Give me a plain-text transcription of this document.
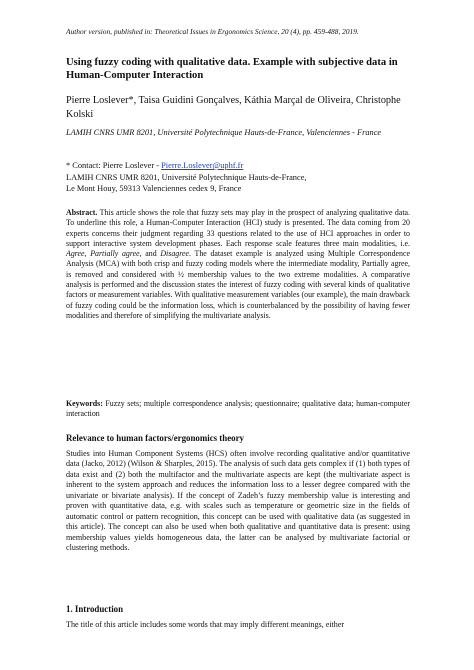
Author version, published in: Theoretical Issues in Ergonomics Science, 20 (4), pp. 459-488, 2019.
Using fuzzy coding with qualitative data. Example with subjective data in Human-Computer Interaction

Pierre Loslever*, Taisa Guidini Gonçalves, Káthia Marçal de Oliveira, Christophe Kolski

LAMIH CNRS UMR 8201, Université Polytechnique Hauts-de-France, Valenciennes - France

* Contact: Pierre Loslever - Pierre.Loslever@uphf.fr
LAMIH CNRS UMR 8201, Université Polytechnique Hauts-de-France,
Le Mont Houy, 59313 Valenciennes cedex 9, France

Abstract. This article shows the role that fuzzy sets may play in the prospect of analyzing qualitative data. To underline this role, a Human-Computer Interaction (HCI) study is presented. The data coming from 20 experts concerns their judgment regarding 33 questions related to the use of HCI approaches in order to support interactive system development phases. Each response scale features three main modalities, i.e. Agree, Partially agree, and Disagree. The dataset example is analyzed using Multiple Correspondence Analysis (MCA) with both crisp and fuzzy coding models where the intermediate modality, Partially agree, is removed and considered with ½ membership values to the two extreme modalities. A comparative analysis is performed and the discussion states the interest of fuzzy coding with several kinds of qualitative factors or measurement variables. With qualitative measurement variables (our example), the main drawback of fuzzy coding could be the information loss, which is counterbalanced by the possibility of having fewer modalities and therefore of simplifying the multivariate analysis.

Keywords: Fuzzy sets; multiple correspondence analysis; questionnaire; qualitative data; human-computer interaction

Relevance to human factors/ergonomics theory

Studies into Human Component Systems (HCS) often involve recording qualitative and/or quantitative data (Jacko, 2012) (Wilson & Sharples, 2015). The analysis of such data gets complex if (1) both types of data exist and (2) both the multifactor and the multivariate aspects are kept (the multivariate aspect is inherent to the system approach and reduces the information loss to a lesser degree compared with the univariate or bivariate analysis). If the concept of Zadeh’s fuzzy membership value is interesting and proven with quantitative data, e.g. with scales such as temperature or geometric size in the fields of automatic control or pattern recognition, this concept can be used with qualitative data (as suggested in this article). The concept can also be used when both qualitative and quantitative data is present: using membership values yields homogeneous data, the latter can be analysed by multivariate factorial or clustering methods.

1. Introduction

The title of this article includes some words that may imply different meanings, either
